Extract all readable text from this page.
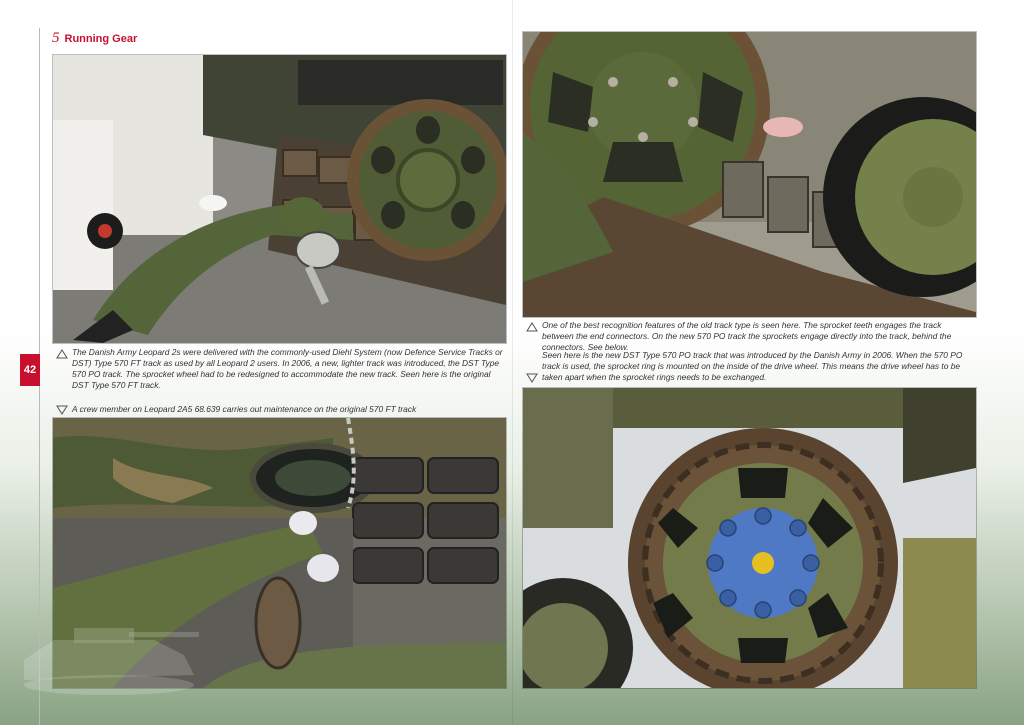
5 Running Gear
42
The Danish Army Leopard 2s were delivered with the commonly-used Diehl System (now Defence Service Tracks or DST) Type 570 FT track as used by all Leopard 2 users. In 2006, a new, lighter track was introduced, the DST Type 570 PO track. The sprocket wheel had to be redesigned to accommodate the new track. Seen here is the original DST Type 570 FT track.
A crew member on Leopard 2A5 68.639 carries out maintenance on the original 570 FT track
One of the best recognition features of the old track type is seen here. The sprocket teeth engages the track between the end connectors. On the new 570 PO track the sprockets engage directly into the track, behind the connectors. See below.
Seen here is the new DST Type 570 PO track that was introduced by the Danish Army in 2006. When the 570 PO track is used, the sprocket ring is mounted on the inside of the drive wheel. This means the drive wheel has to be taken apart when the sprocket rings needs to be exchanged.
